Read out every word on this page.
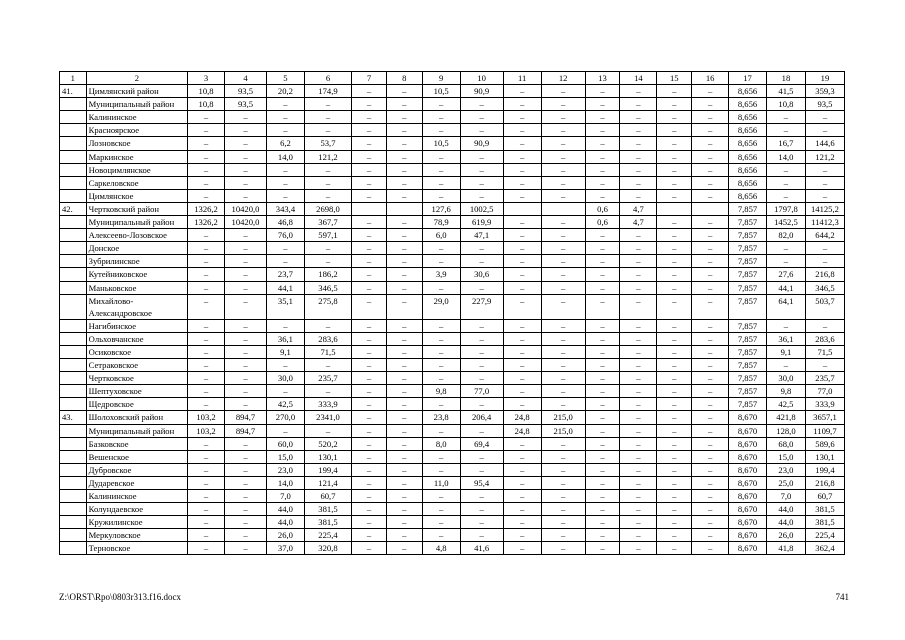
1	2	3	4	5	6	7	8	9	10	11	12	13	14	15	16	17	18	19
41.	Цимлянский район	10,8	93,5	20,2	174,9	–	–	10,5	90,9	–	–	–	–	–	–	8,656	41,5	359,3
	Муниципальный район	10,8	93,5	–	–	–	–	–	–	–	–	–	–	–	–	8,656	10,8	93,5
	Калининское	–	–	–	–	–	–	–	–	–	–	–	–	–	–	8,656	–	–
	Красноярское	–	–	–	–	–	–	–	–	–	–	–	–	–	–	8,656	–	–
	Лозновское	–	–	6,2	53,7	–	–	10,5	90,9	–	–	–	–	–	–	8,656	16,7	144,6
	Маркинское	–	–	14,0	121,2	–	–	–	–	–	–	–	–	–	–	8,656	14,0	121,2
	Новоцимлянское	–	–	–	–	–	–	–	–	–	–	–	–	–	–	8,656	–	–
	Саркеловское	–	–	–	–	–	–	–	–	–	–	–	–	–	–	8,656	–	–
	Цимлянское	–	–	–	–	–	–	–	–	–	–	–	–	–	–	8,656	–	–
42.	Чертковский район	1326,2	10420,0	343,4	2698,0			127,6	1002,5			0,6	4,7			7,857	1797,8	14125,2
	Муниципальный район	1326,2	10420,0	46,8	367,7	–	–	78,9	619,9	–	–	0,6	4,7	–	–	7,857	1452,5	11412,3
	Алексеево-Лозовское	–	–	76,0	597,1	–	–	6,0	47,1	–	–	–	–	–	–	7,857	82,0	644,2
	Донское	–	–	–	–	–	–	–	–	–	–	–	–	–	–	7,857	–	–
	Зубрилинское	–	–	–	–	–	–	–	–	–	–	–	–	–	–	7,857	–	–
	Кутейниковское	–	–	23,7	186,2	–	–	3,9	30,6	–	–	–	–	–	–	7,857	27,6	216,8
	Маньковское	–	–	44,1	346,5	–	–	–	–	–	–	–	–	–	–	7,857	44,1	346,5
	Михайлово-Александровское	–	–	35,1	275,8	–	–	29,0	227,9	–	–	–	–	–	–	7,857	64,1	503,7
	Нагибинское	–	–	–	–	–	–	–	–	–	–	–	–	–	–	7,857	–	–
	Ольховчанское	–	–	36,1	283,6	–	–	–	–	–	–	–	–	–	–	7,857	36,1	283,6
	Осиковское	–	–	9,1	71,5	–	–	–	–	–	–	–	–	–	–	7,857	9,1	71,5
	Сетраковское	–	–	–	–	–	–	–	–	–	–	–	–	–	–	7,857	–	–
	Чертковское	–	–	30,0	235,7	–	–	–	–	–	–	–	–	–	–	7,857	30,0	235,7
	Шептуховское	–	–	–	–	–	–	9,8	77,0	–	–	–	–	–	–	7,857	9,8	77,0
	Щедровское	–	–	42,5	333,9	–	–	–	–	–	–	–	–	–	–	7,857	42,5	333,9
43.	Шолоховский район	103,2	894,7	270,0	2341,0	–	–	23,8	206,4	24,8	215,0	–	–	–	–	8,670	421,8	3657,1
	Муниципальный район	103,2	894,7	–	–	–	–	–	–	24,8	215,0	–	–	–	–	8,670	128,0	1109,7
	Базковское	–	–	60,0	520,2	–	–	8,0	69,4	–	–	–	–	–	–	8,670	68,0	589,6
	Вешенское	–	–	15,0	130,1	–	–	–	–	–	–	–	–	–	–	8,670	15,0	130,1
	Дубровское	–	–	23,0	199,4	–	–	–	–	–	–	–	–	–	–	8,670	23,0	199,4
	Дударевское	–	–	14,0	121,4	–	–	11,0	95,4	–	–	–	–	–	–	8,670	25,0	216,8
	Калининское	–	–	7,0	60,7	–	–	–	–	–	–	–	–	–	–	8,670	7,0	60,7
	Колундаевское	–	–	44,0	381,5	–	–	–	–	–	–	–	–	–	–	8,670	44,0	381,5
	Кружилинское	–	–	44,0	381,5	–	–	–	–	–	–	–	–	–	–	8,670	44,0	381,5
	Меркуловское	–	–	26,0	225,4	–	–	–	–	–	–	–	–	–	–	8,670	26,0	225,4
	Терновское	–	–	37,0	320,8	–	–	4,8	41,6	–	–	–	–	–	–	8,670	41,8	362,4
Z:\ORST\Rpo\0803r313.f16.docx	741
